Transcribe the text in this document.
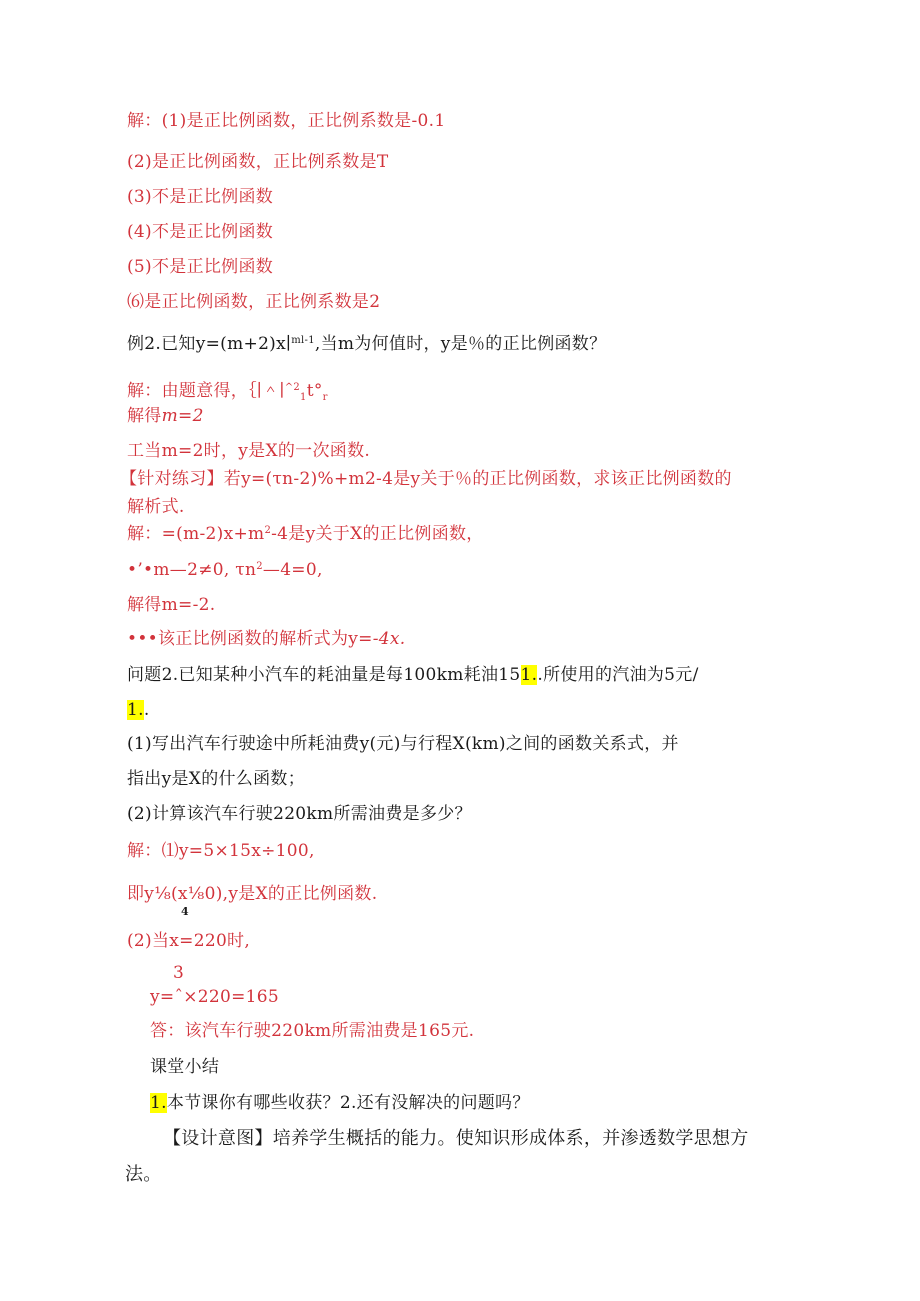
解：(1)是正比例函数，正比例系数是-0.1
(2)是正比例函数，正比例系数是T
(3)不是正比例函数
(4)不是正比例函数
(5)不是正比例函数
⑹是正比例函数，正比例系数是2
例2.已知y=(m+2)x∣$^{ml-1}$,当m为何值时，y是％的正比例函数？
解：由题意得，$\{∣\^{}∣^{\^{}2}_1t^\circ_r$
解得m=2
工当m=2时，y是X的一次函数.
【针对练习】若y=(τn-2)%+m2-4是y关于％的正比例函数，求该正比例函数的
解析式.
解：$=(m-2)x+m^2-4$是y关于X的正比例函数，
•’•m—2≠0, $\tau n^2—4=0$,
解得m=-2.
•••该正比例函数的解析式为y=-4x.
问题2.已知某种小汽车的耗油量是每100km耗油151..所使用的汽油为5元/
1..
(1)写出汽车行驶途中所耗油费y(元)与行程X(km)之间的函数关系式，并
指出y是X的什么函数；
(2)计算该汽车行驶220km所需油费是多少？
解：⑴y=5×15x÷100,
即y⅛(x⅛0),y是X的正比例函数.
4
(2)当x=220时,
3
y=ˆ×220=165
答：该汽车行驶220km所需油费是165元.
课堂小结
1.本节课你有哪些收获？2.还有没解决的问题吗？
【设计意图】培养学生概括的能力。使知识形成体系，并渗透数学思想方
法。
